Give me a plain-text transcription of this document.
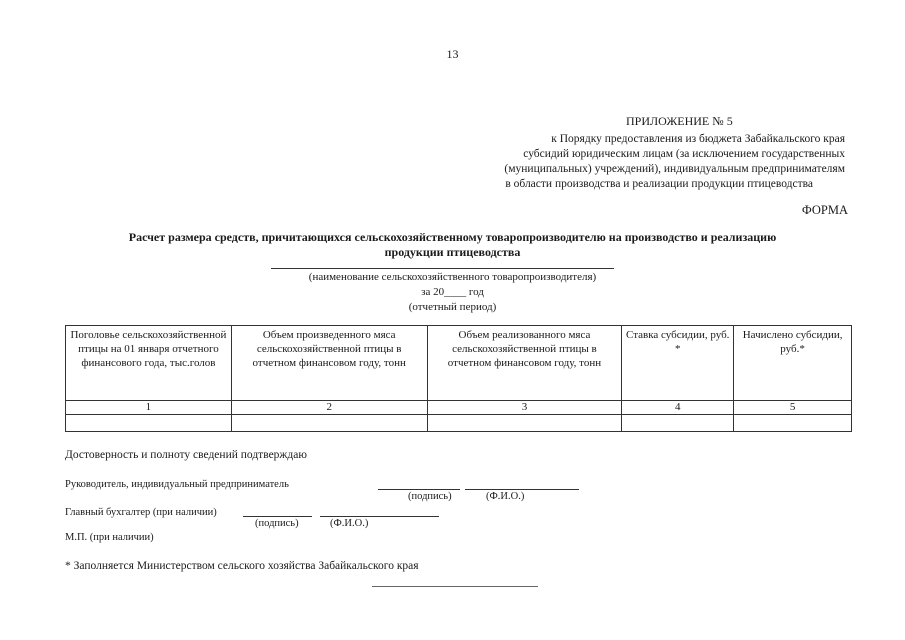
13
ПРИЛОЖЕНИЕ № 5
к Порядку предоставления из бюджета Забайкальского края
субсидий юридическим лицам (за исключением государственных
(муниципальных) учреждений), индивидуальным предпринимателям
в области производства и реализации продукции птицеводства
ФОРМА
Расчет размера средств, причитающихся сельскохозяйственному товаропроизводителю на производство и реализацию
продукции птицеводства
(наименование сельскохозяйственного товаропроизводителя)
за 20____ год
(отчетный период)
Поголовье сельскохозяйственной птицы на 01 января отчетного финансового года, тыс.голов	Объем произведенного мяса сельскохозяйственной птицы в отчетном финансовом году, тонн	Объем реализованного мяса сельскохозяйственной птицы в отчетном финансовом году, тонн	Ставка субсидии, руб. *	Начислено субсидии, руб.*
1	2	3	4	5

Достоверность и полноту сведений подтверждаю
Руководитель, индивидуальный предприниматель
(подпись)	(Ф.И.О.)
Главный бухгалтер (при наличии)
(подпись)	(Ф.И.О.)
М.П. (при наличии)
* Заполняется Министерством сельского хозяйства Забайкальского края
